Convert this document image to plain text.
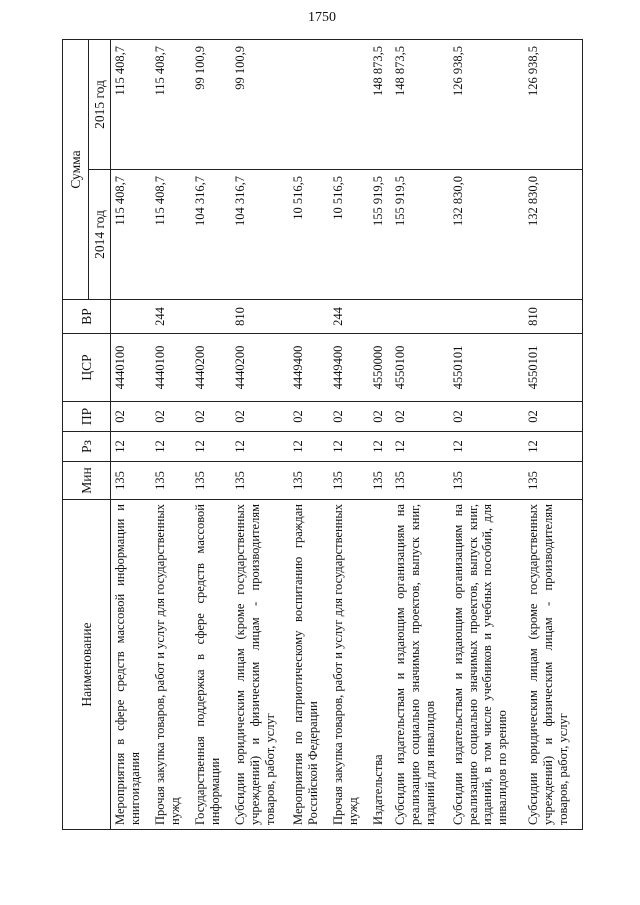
1750
Наименование	Мин	Рз	ПР	ЦСР	ВР	Сумма	
						2014 год	2015 год
Мероприятия в сфере средств массовой информации и книгоиздания	135	12	02	4440100		115 408,7	115 408,7
Прочая закупка товаров, работ и услуг для государственных нужд	135	12	02	4440100	244	115 408,7	115 408,7
Государственная поддержка в сфере средств массовой информации	135	12	02	4440200		104 316,7	99 100,9
Субсидии юридическим лицам (кроме государственных учреждений) и физическим лицам - производителям товаров, работ, услуг	135	12	02	4440200	810	104 316,7	99 100,9
Мероприятия по патриотическому воспитанию граждан Российской Федерации	135	12	02	4449400		10 516,5	
Прочая закупка товаров, работ и услуг для государственных нужд	135	12	02	4449400	244	10 516,5	
Издательства	135	12	02	4550000		155 919,5	148 873,5
Субсидии издательствам и издающим организациям на реализацию социально значимых проектов, выпуск книг, изданий для инвалидов	135	12	02	4550100		155 919,5	148 873,5
Субсидии издательствам и издающим организациям на реализацию социально значимых проектов, выпуск книг, изданий, в том числе учебников и учебных пособий, для инвалидов по зрению	135	12	02	4550101		132 830,0	126 938,5
Субсидии юридическим лицам (кроме государственных учреждений) и физическим лицам - производителям товаров, работ, услуг	135	12	02	4550101	810	132 830,0	126 938,5
